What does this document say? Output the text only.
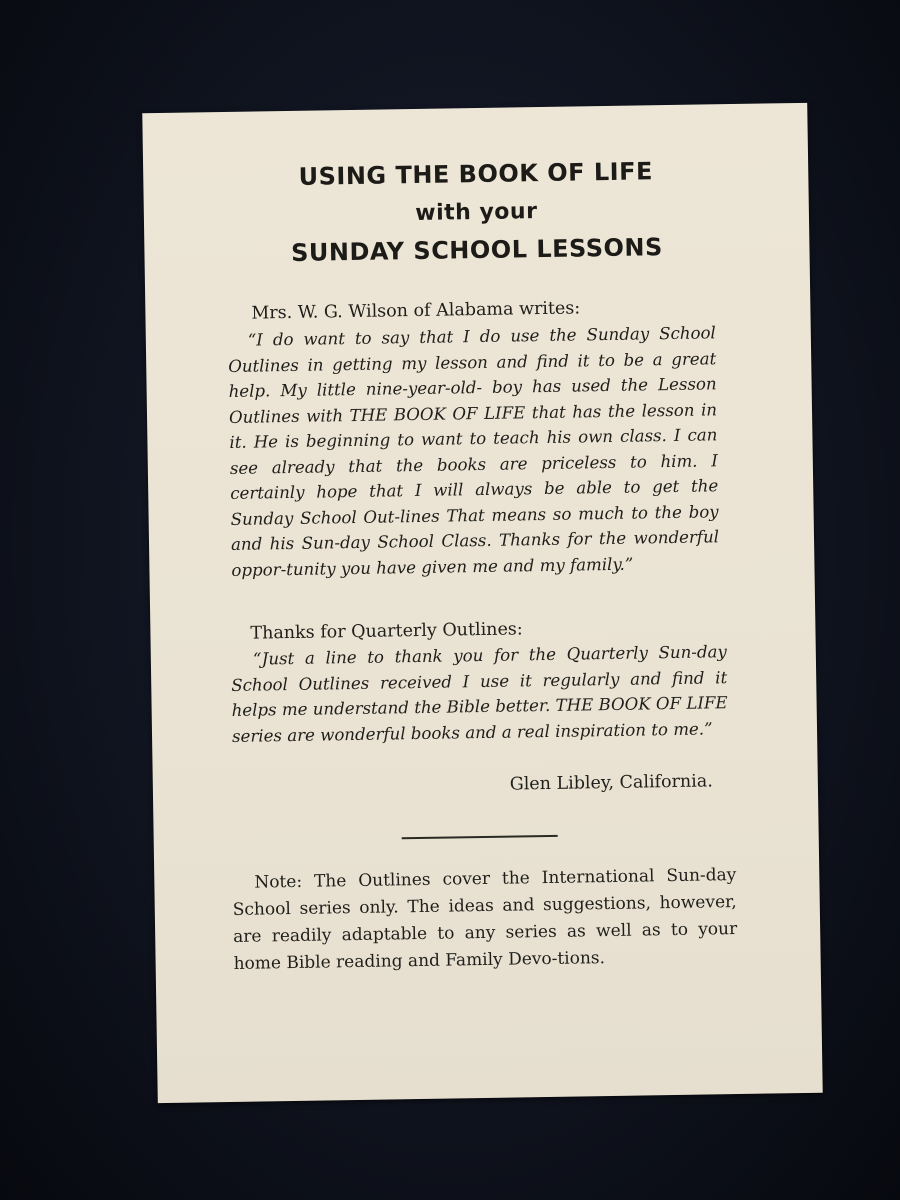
USING THE BOOK OF LIFE
with your
SUNDAY SCHOOL LESSONS

Mrs. W. G. Wilson of Alabama writes:

“I do want to say that I do use the Sunday School Outlines in getting my lesson and find it to be a great help. My little nine-year-old- boy has used the Lesson Outlines with THE BOOK OF LIFE that has the lesson in it. He is beginning to want to teach his own class. I can see already that the books are priceless to him. I certainly hope that I will always be able to get the Sunday School Out-lines That means so much to the boy and his Sun-day School Class. Thanks for the wonderful oppor-tunity you have given me and my family.”

Thanks for Quarterly Outlines:

“Just a line to thank you for the Quarterly Sun-day School Outlines received I use it regularly and find it helps me understand the Bible better. THE BOOK OF LIFE series are wonderful books and a real inspiration to me.”

Glen Libley, California.

Note: The Outlines cover the International Sun-day School series only. The ideas and suggestions, however, are readily adaptable to any series as well as to your home Bible reading and Family Devo-tions.
